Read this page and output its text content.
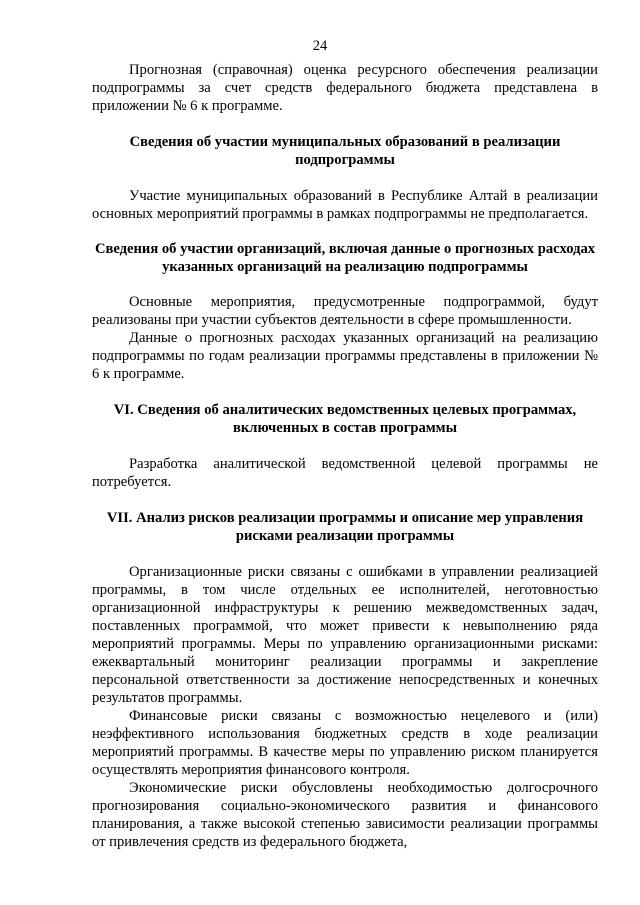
24

Прогнозная (справочная) оценка ресурсного обеспечения реализации подпрограммы за счет средств федерального бюджета представлена в приложении № 6 к программе.

Сведения об участии муниципальных образований в реализации подпрограммы

Участие муниципальных образований в Республике Алтай в реализации основных мероприятий программы в рамках подпрограммы не предполагается.

Сведения об участии организаций, включая данные о прогнозных расходах указанных организаций на реализацию подпрограммы

Основные мероприятия, предусмотренные подпрограммой, будут реализованы при участии субъектов деятельности в сфере промышленности.

Данные о прогнозных расходах указанных организаций на реализацию подпрограммы по годам реализации программы представлены в приложении № 6 к программе.

VI. Сведения об аналитических ведомственных целевых программах, включенных в состав программы

Разработка аналитической ведомственной целевой программы не потребуется.

VII. Анализ рисков реализации программы и описание мер управления рисками реализации программы

Организационные риски связаны с ошибками в управлении реализацией программы, в том числе отдельных ее исполнителей, неготовностью организационной инфраструктуры к решению межведомственных задач, поставленных программой, что может привести к невыполнению ряда мероприятий программы. Меры по управлению организационными рисками: ежеквартальный мониторинг реализации программы и закрепление персональной ответственности за достижение непосредственных и конечных результатов программы.

Финансовые риски связаны с возможностью нецелевого и (или) неэффективного использования бюджетных средств в ходе реализации мероприятий программы. В качестве меры по управлению риском планируется осуществлять мероприятия финансового контроля.

Экономические риски обусловлены необходимостью долгосрочного прогнозирования социально-экономического развития и финансового планирования, а также высокой степенью зависимости реализации программы от привлечения средств из федерального бюджета,
